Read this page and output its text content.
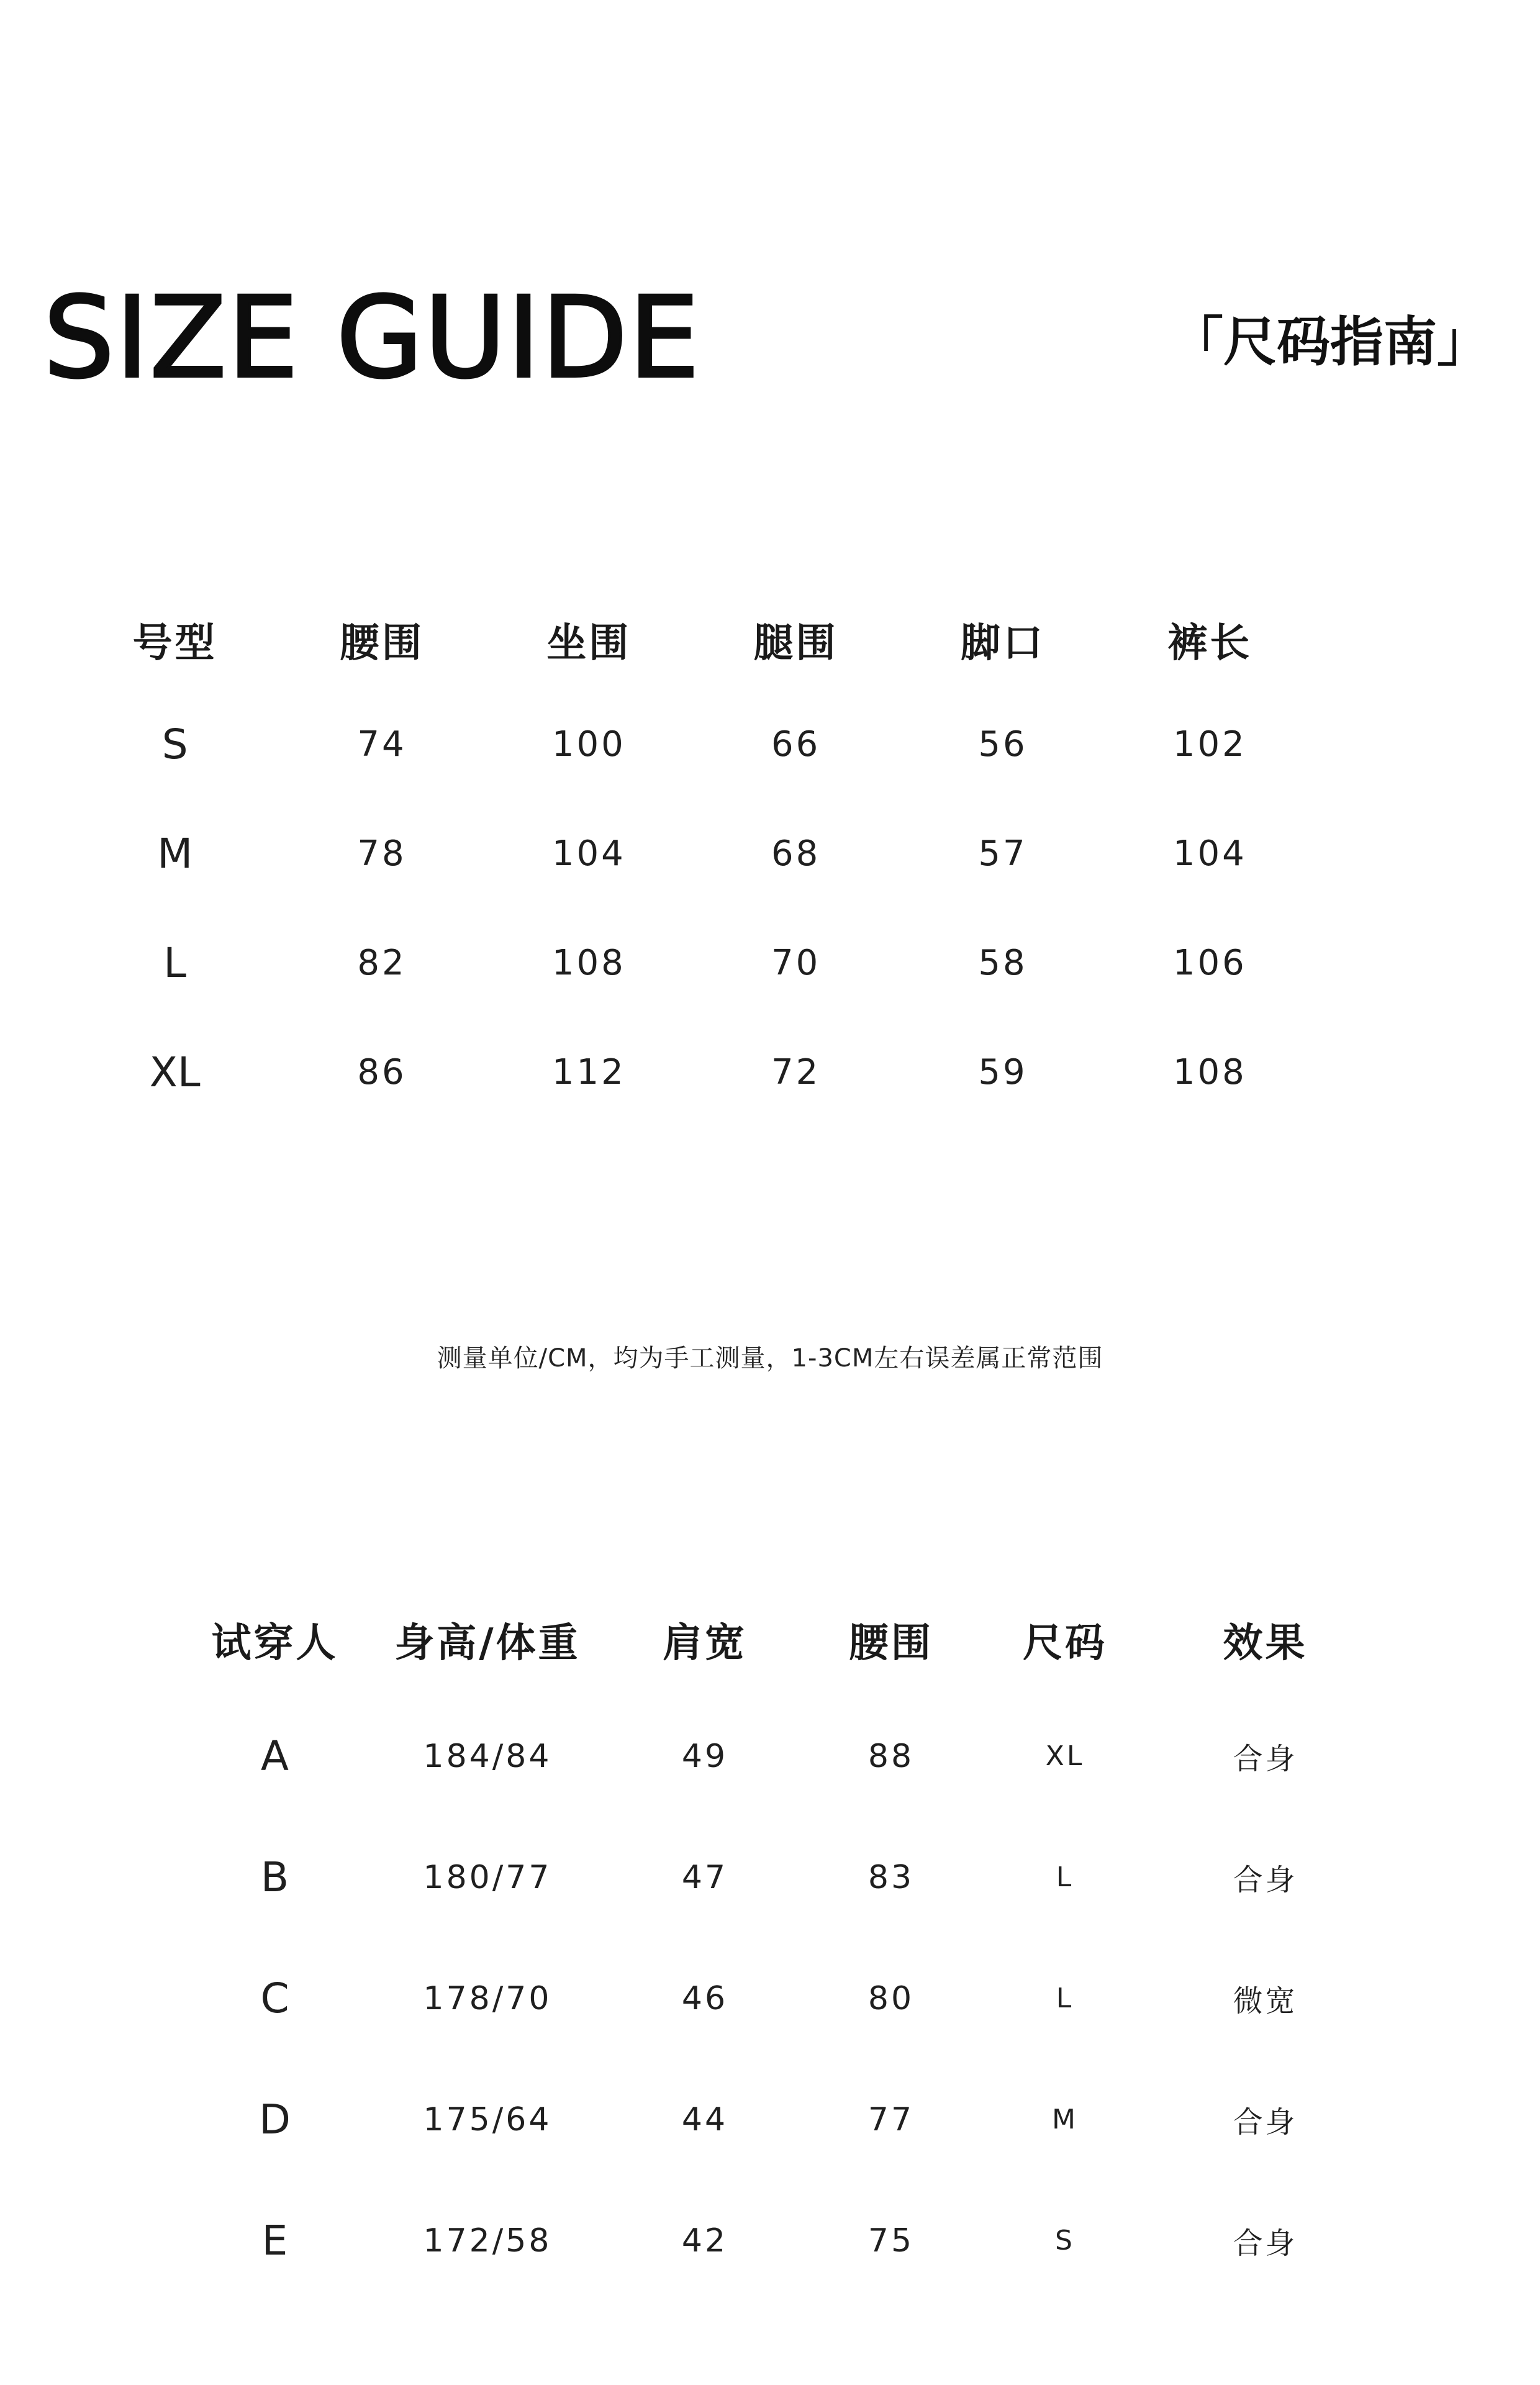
SIZE GUIDE	「尺码指南」
号型	腰围	坐围	腿围	脚口	裤长
S	74	100	66	56	102
M	78	104	68	57	104
L	82	108	70	58	106
XL	86	112	72	59	108
测量单位/CM，均为手工测量，1-3CM左右误差属正常范围
试穿人	身高/体重	肩宽	腰围	尺码	效果
A	184/84	49	88	XL	合身
B	180/77	47	83	L	合身
C	178/70	46	80	L	微宽
D	175/64	44	77	M	合身
E	172/58	42	75	S	合身
